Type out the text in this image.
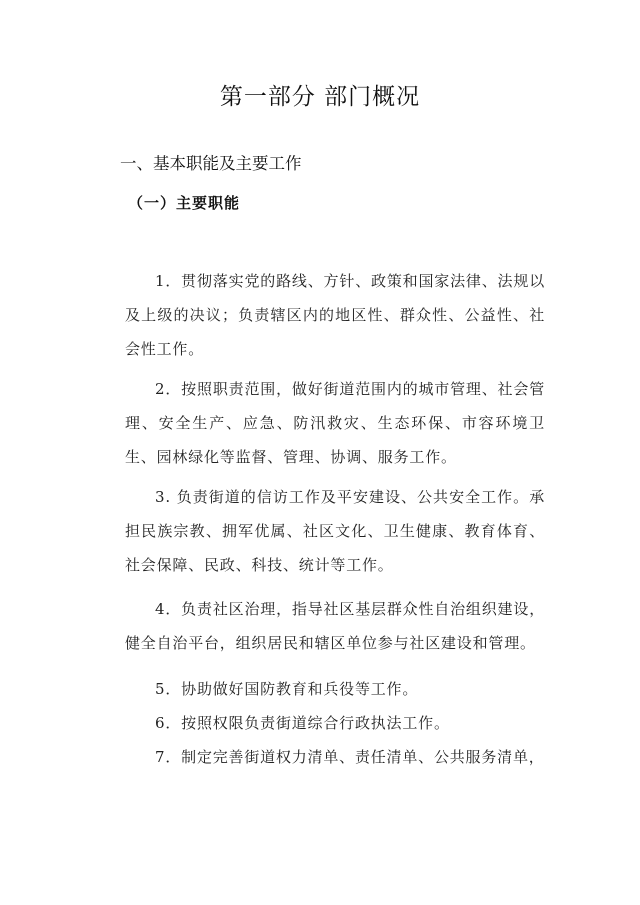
第一部分 部门概况
一、基本职能及主要工作
（一）主要职能

1．贯彻落实党的路线、方针、政策和国家法律、法规以及上级的决议；负责辖区内的地区性、群众性、公益性、社会性工作。

2．按照职责范围，做好街道范围内的城市管理、社会管理、安全生产、应急、防汛救灾、生态环保、市容环境卫生、园林绿化等监督、管理、协调、服务工作。

3. 负责街道的信访工作及平安建设、公共安全工作。承担民族宗教、拥军优属、社区文化、卫生健康、教育体育、社会保障、民政、科技、统计等工作。

4．负责社区治理，指导社区基层群众性自治组织建设，健全自治平台，组织居民和辖区单位参与社区建设和管理。

5．协助做好国防教育和兵役等工作。

6．按照权限负责街道综合行政执法工作。

7．制定完善街道权力清单、责任清单、公共服务清单，
